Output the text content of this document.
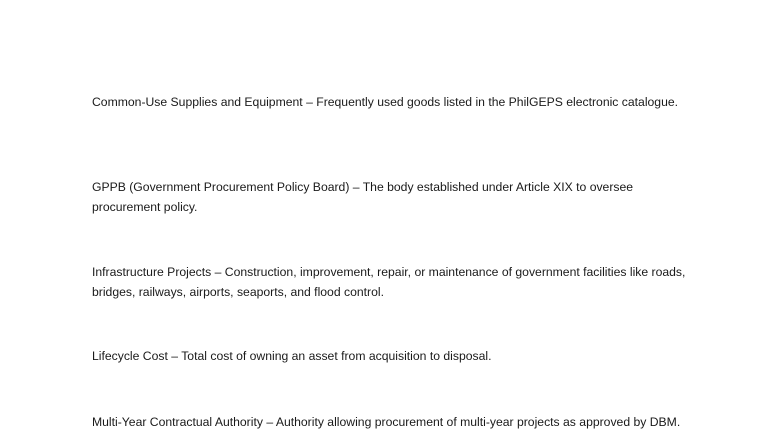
Common-Use Supplies and Equipment – Frequently used goods listed in the PhilGEPS electronic catalogue.

GPPB (Government Procurement Policy Board) – The body established under Article XIX to oversee procurement policy.

Infrastructure Projects – Construction, improvement, repair, or maintenance of government facilities like roads, bridges, railways, airports, seaports, and flood control.

Lifecycle Cost – Total cost of owning an asset from acquisition to disposal.

Multi-Year Contractual Authority – Authority allowing procurement of multi-year projects as approved by DBM.
